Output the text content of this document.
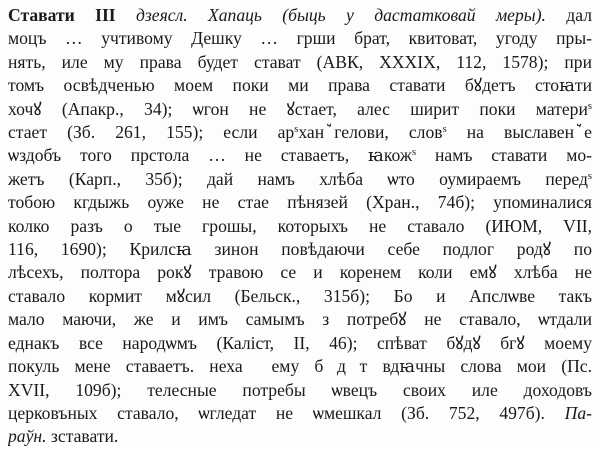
Ставати III дзеясл. Хапаць (быць у дастатковай меры). дал
моцъ … учтивому Дешку … грши брат, квитоват, угоду пры-
нять, иле му права будет стават (АВК, XXXIX, 112, 1578); при
томъ освѣдченью моем поки ми права ставати бꙋдетъ стоꙗти
хочꙋ (Апакр., 34); ѡгон не ꙋстает, алес ширит поки матери$^s$
стает (Зб. 261, 155); если $ар^sханꙿгелови$, слов$^s$ на выславенꙿе
ѡздобъ того прстола … не ставаетъ, ꙗкож$^s$ намъ ставати мо-
жетъ (Карп., 35б); дай намъ хлѣба ѡто оумираемъ перед$^s$
тобою кгдыжь оуже не стае пѣнязей (Хран., 74б); упоминалися
колко разъ о тые грошы, которыхъ не ставало (ИЮМ, VII,
116, 1690); Крилсꙗ зинон повѣдаючи себе подлог родꙋ по
лѣсехъ, полтора рокꙋ травою се и коренем коли емꙋ хлѣба не
ставало кормит мꙋсил (Бельск., 315б); Бо и Апслѡве такъ
мало маючи, же и имъ самымъ з потребꙋ не ставало, ѡтдали
еднакъ все народѡмъ (Каліст, II, 46); спѣват бꙋдꙋ бгꙋ моему
покуль мене ставаетъ. нехаⷭ ему бꙋдꙋт вдꙗчны слова мои (Пс.
XVII, 109б); телесные потребы ѡвецъ своих иле доходовъ
церковъных ставало, ѡгледат не ѡмешкал (Зб. 752, 497б). Па-
раўн. зставати.
